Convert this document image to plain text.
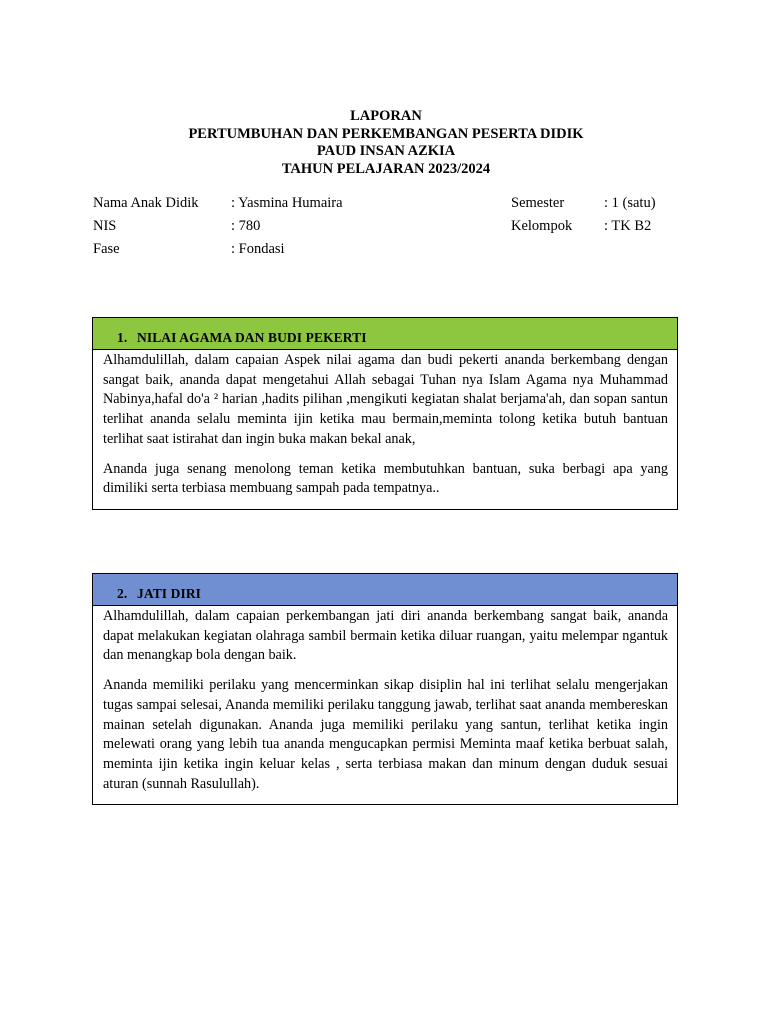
LAPORAN
PERTUMBUHAN DAN PERKEMBANGAN PESERTA DIDIK
PAUD INSAN AZKIA
TAHUN PELAJARAN 2023/2024
Nama Anak Didik	: Yasmina Humaira
NIS	: 780
Fase	: Fondasi
Semester	: 1 (satu)
Kelompok	: TK B2
1. NILAI AGAMA DAN BUDI PEKERTI

Alhamdulillah, dalam capaian Aspek nilai agama dan budi pekerti ananda berkembang dengan sangat baik, ananda dapat mengetahui Allah sebagai Tuhan nya Islam Agama nya Muhammad Nabinya,hafal do'a ² harian ,hadits pilihan ,mengikuti kegiatan shalat berjama'ah, dan sopan santun terlihat ananda selalu meminta ijin ketika mau bermain,meminta tolong ketika butuh bantuan terlihat saat istirahat dan ingin buka makan bekal anak,

Ananda juga senang menolong teman ketika membutuhkan bantuan, suka berbagi apa yang dimiliki serta terbiasa membuang sampah pada tempatnya..

2. JATI DIRI

Alhamdulillah, dalam capaian perkembangan jati diri ananda berkembang sangat baik, ananda dapat melakukan kegiatan olahraga sambil bermain ketika diluar ruangan, yaitu melempar ngantuk dan menangkap bola dengan baik.

Ananda memiliki perilaku yang mencerminkan sikap disiplin hal ini terlihat selalu mengerjakan tugas sampai selesai, Ananda memiliki perilaku tanggung jawab, terlihat saat ananda membereskan mainan setelah digunakan. Ananda juga memiliki perilaku yang santun, terlihat ketika ingin melewati orang yang lebih tua ananda mengucapkan permisi Meminta maaf ketika berbuat salah, meminta ijin ketika ingin keluar kelas , serta terbiasa makan dan minum dengan duduk sesuai aturan (sunnah Rasulullah).
